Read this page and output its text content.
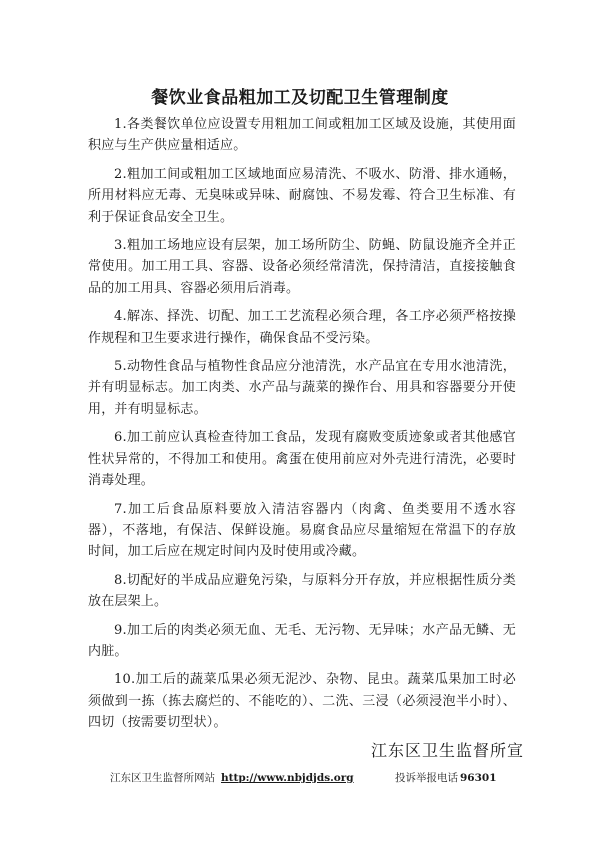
餐饮业食品粗加工及切配卫生管理制度

1.各类餐饮单位应设置专用粗加工间或粗加工区域及设施，其使用面积应与生产供应量相适应。

2.粗加工间或粗加工区域地面应易清洗、不吸水、防滑、排水通畅，所用材料应无毒、无臭味或异味、耐腐蚀、不易发霉、符合卫生标准、有利于保证食品安全卫生。

3.粗加工场地应设有层架，加工场所防尘、防蝇、防鼠设施齐全并正常使用。加工用工具、容器、设备必须经常清洗，保持清洁，直接接触食品的加工用具、容器必须用后消毒。

4.解冻、择洗、切配、加工工艺流程必须合理，各工序必须严格按操作规程和卫生要求进行操作，确保食品不受污染。

5.动物性食品与植物性食品应分池清洗，水产品宜在专用水池清洗，并有明显标志。加工肉类、水产品与蔬菜的操作台、用具和容器要分开使用，并有明显标志。

6.加工前应认真检查待加工食品，发现有腐败变质迹象或者其他感官性状异常的，不得加工和使用。禽蛋在使用前应对外壳进行清洗，必要时消毒处理。

7.加工后食品原料要放入清洁容器内（肉禽、鱼类要用不透水容器），不落地，有保洁、保鲜设施。易腐食品应尽量缩短在常温下的存放时间，加工后应在规定时间内及时使用或冷藏。

8.切配好的半成品应避免污染，与原料分开存放，并应根据性质分类放在层架上。

9.加工后的肉类必须无血、无毛、无污物、无异味；水产品无鳞、无内脏。

10.加工后的蔬菜瓜果必须无泥沙、杂物、昆虫。蔬菜瓜果加工时必须做到一拣（拣去腐烂的、不能吃的）、二洗、三浸（必须浸泡半小时）、四切（按需要切型状）。

江东区卫生监督所宣
江东区卫生监督所网站 http://www.nbjdjds.org	投诉举报电话 96301
